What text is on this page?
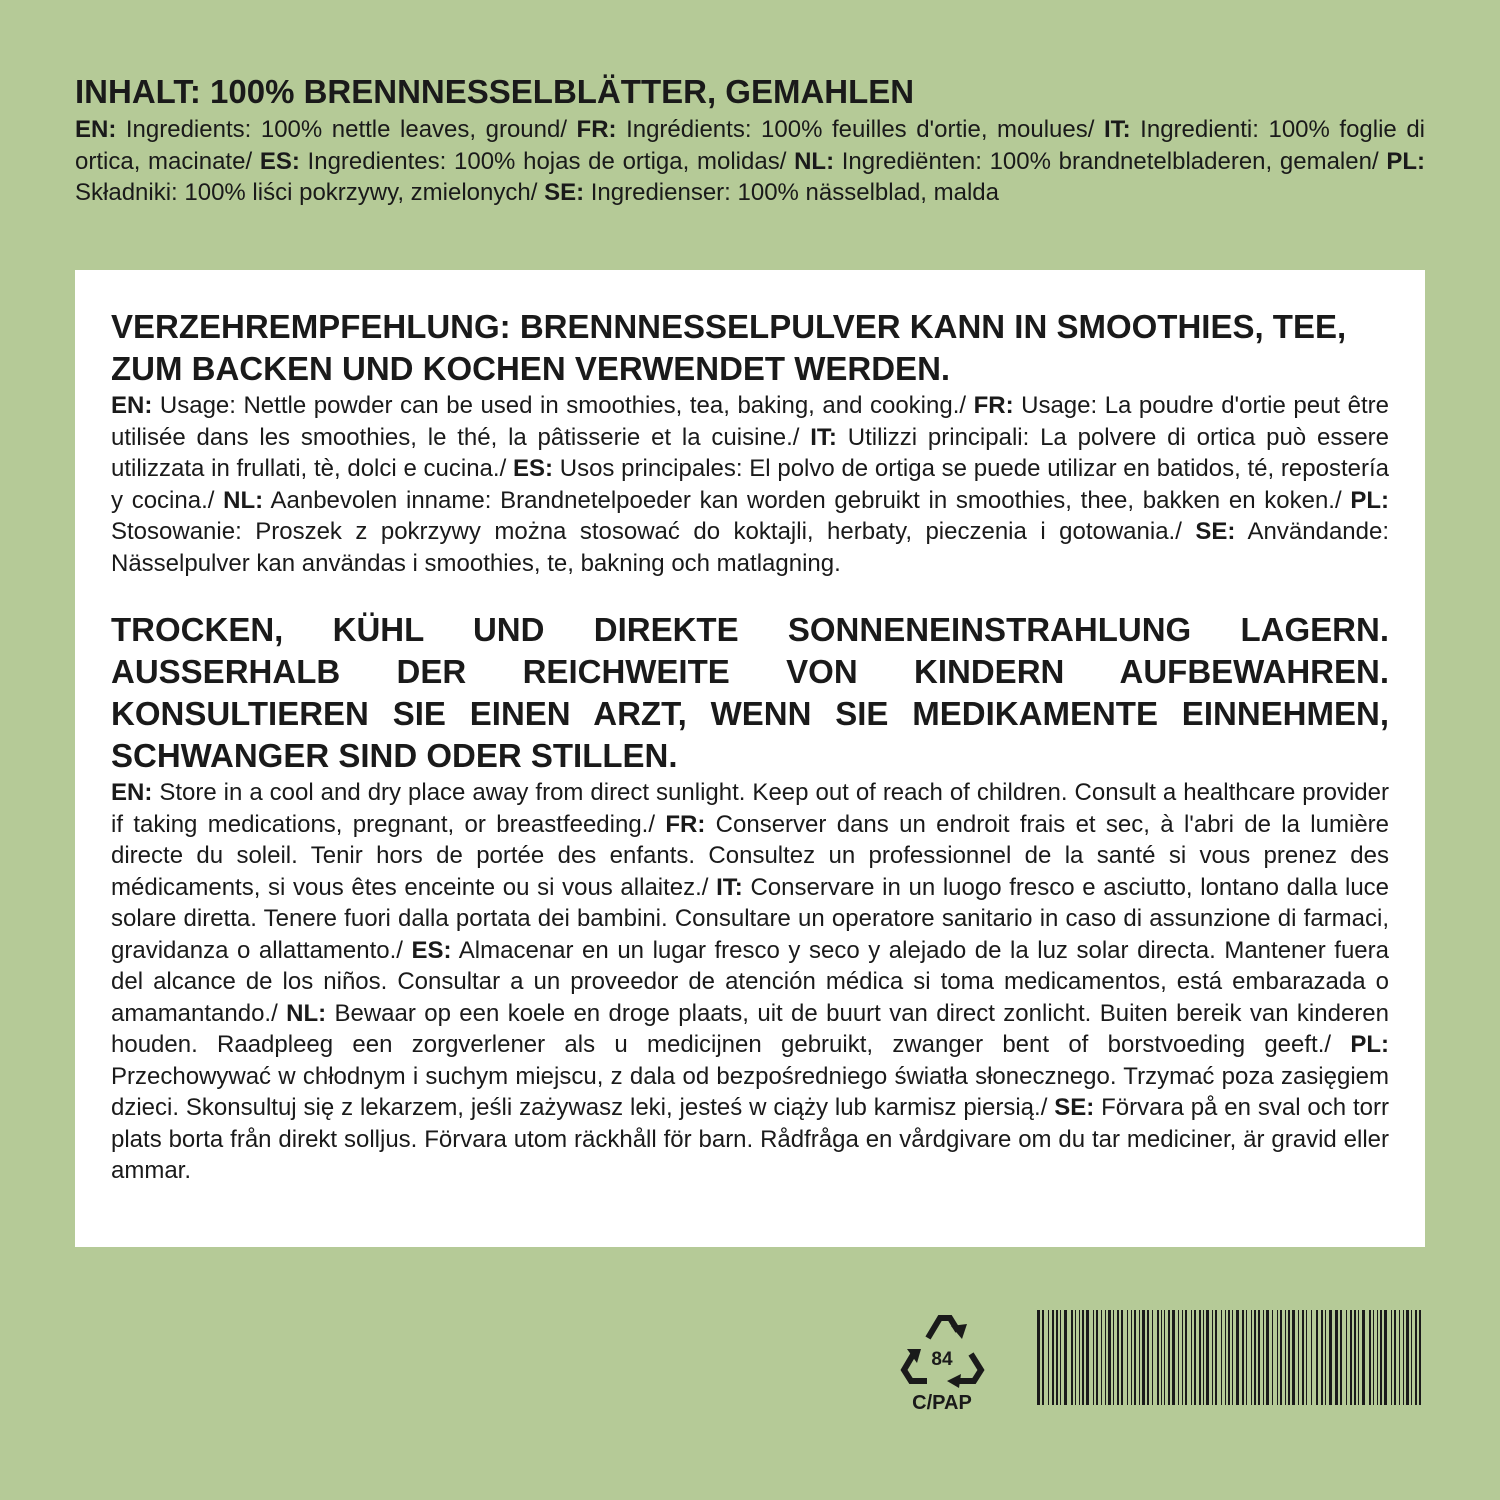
INHALT: 100% BRENNNESSELBLÄTTER, GEMAHLEN

EN: Ingredients: 100% nettle leaves, ground/ FR: Ingrédients: 100% feuilles d'ortie, moulues/ IT: Ingredienti: 100% foglie di ortica, macinate/ ES: Ingredientes: 100% hojas de ortiga, molidas/ NL: Ingrediënten: 100% brandnetelbladeren, gemalen/ PL: Składniki: 100% liści pokrzywy, zmielonych/ SE: Ingredienser: 100% nässelblad, malda

VERZEHREMPFEHLUNG: BRENNNESSELPULVER KANN IN SMOOTHIES, TEE, ZUM BACKEN UND KOCHEN VERWENDET WERDEN.

EN: Usage: Nettle powder can be used in smoothies, tea, baking, and cooking./ FR: Usage: La poudre d'ortie peut être utilisée dans les smoothies, le thé, la pâtisserie et la cuisine./ IT: Utilizzi principali: La polvere di ortica può essere utilizzata in frullati, tè, dolci e cucina./ ES: Usos principales: El polvo de ortiga se puede utilizar en batidos, té, repostería y cocina./ NL: Aanbevolen inname: Brandnetelpoeder kan worden gebruikt in smoothies, thee, bakken en koken./ PL: Stosowanie: Proszek z pokrzywy można stosować do koktajli, herbaty, pieczenia i gotowania./ SE: Användande: Nässelpulver kan användas i smoothies, te, bakning och matlagning.

TROCKEN, KÜHL UND DIREKTE SONNENEINSTRAHLUNG LAGERN. AUSSERHALB DER REICHWEITE VON KINDERN AUFBEWAHREN. KONSULTIEREN SIE EINEN ARZT, WENN SIE MEDIKAMENTE EINNEHMEN, SCHWANGER SIND ODER STILLEN.

EN: Store in a cool and dry place away from direct sunlight. Keep out of reach of children. Consult a healthcare provider if taking medications, pregnant, or breastfeeding./ FR: Conserver dans un endroit frais et sec, à l'abri de la lumière directe du soleil. Tenir hors de portée des enfants. Consultez un professionnel de la santé si vous prenez des médicaments, si vous êtes enceinte ou si vous allaitez./ IT: Conservare in un luogo fresco e asciutto, lontano dalla luce solare diretta. Tenere fuori dalla portata dei bambini. Consultare un operatore sanitario in caso di assunzione di farmaci, gravidanza o allattamento./ ES: Almacenar en un lugar fresco y seco y alejado de la luz solar directa. Mantener fuera del alcance de los niños. Consultar a un proveedor de atención médica si toma medicamentos, está embarazada o amamantando./ NL: Bewaar op een koele en droge plaats, uit de buurt van direct zonlicht. Buiten bereik van kinderen houden. Raadpleeg een zorgverlener als u medicijnen gebruikt, zwanger bent of borstvoeding geeft./ PL: Przechowywać w chłodnym i suchym miejscu, z dala od bezpośredniego światła słonecznego. Trzymać poza zasięgiem dzieci. Skonsultuj się z lekarzem, jeśli zażywasz leki, jesteś w ciąży lub karmisz piersią./ SE: Förvara på en sval och torr plats borta från direkt solljus. Förvara utom räckhåll för barn. Rådfråga en vårdgivare om du tar mediciner, är gravid eller ammar.

84
C/PAP
